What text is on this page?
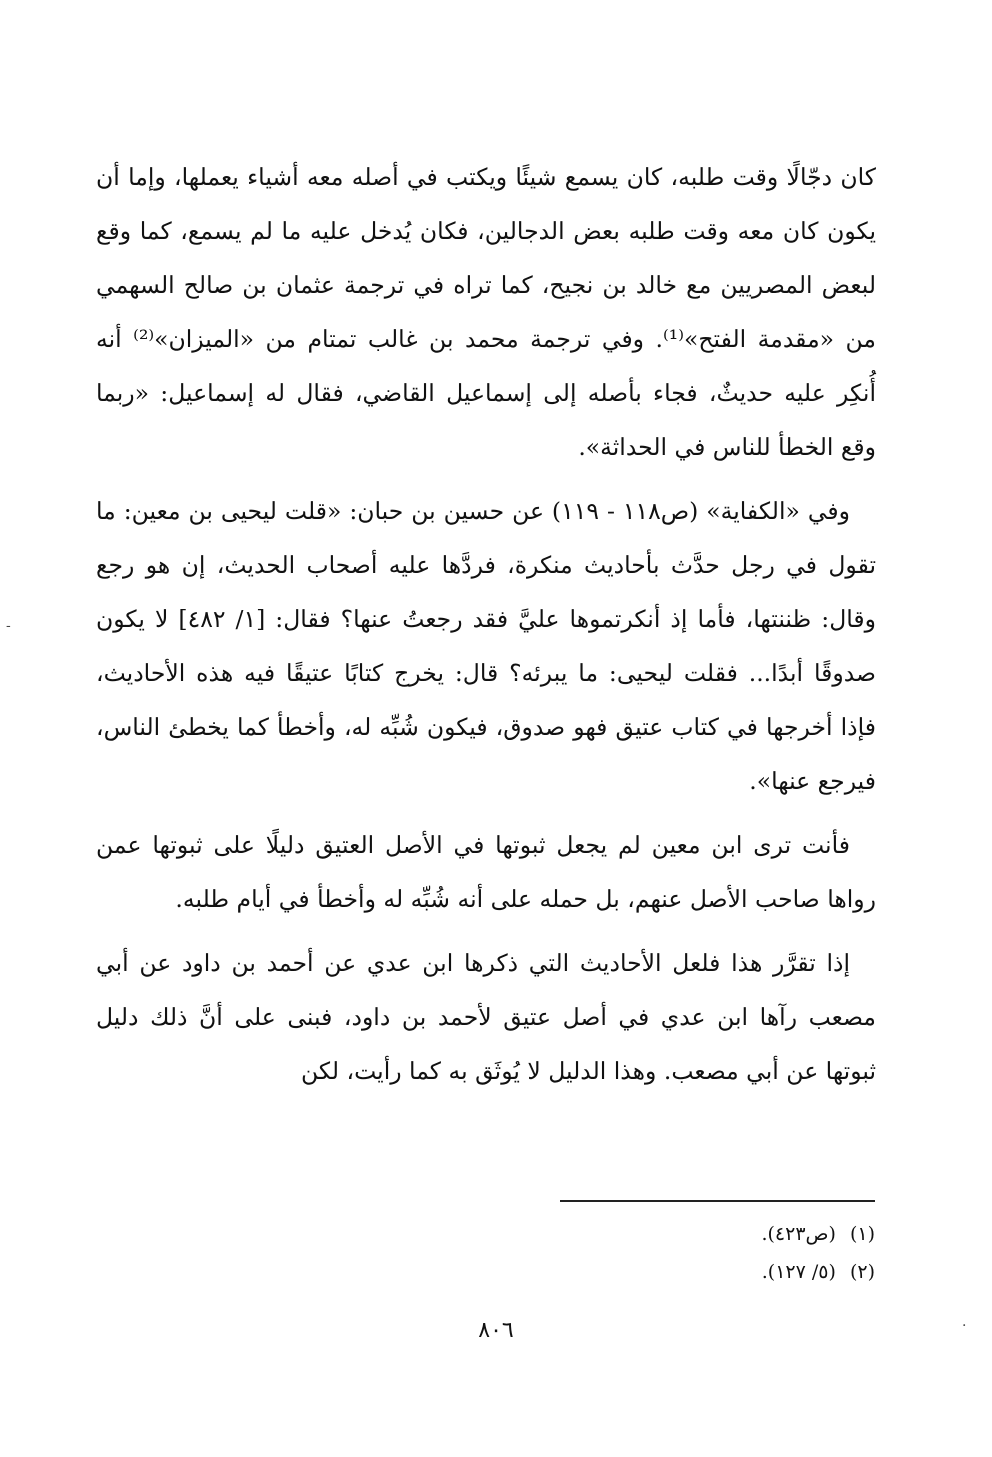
كان دجّالًا وقت طلبه، كان يسمع شيئًا ويكتب في أصله معه أشياء يعملها، وإما أن يكون كان معه وقت طلبه بعض الدجالين، فكان يُدخل عليه ما لم يسمع، كما وقع لبعض المصريين مع خالد بن نجيح، كما تراه في ترجمة عثمان بن صالح السهمي من «مقدمة الفتح»⁽¹⁾. وفي ترجمة محمد بن غالب تمتام من «الميزان»⁽²⁾ أنه أُنكِر عليه حديثٌ، فجاء بأصله إلى إسماعيل القاضي، فقال له إسماعيل: «ربما وقع الخطأ للناس في الحداثة».

وفي «الكفاية» (ص١١٨ - ١١٩) عن حسين بن حبان: «قلت ليحيى بن معين: ما تقول في رجل حدَّث بأحاديث منكرة، فردَّها عليه أصحاب الحديث، إن هو رجع وقال: ظننتها، فأما إذ أنكرتموها عليَّ فقد رجعتُ عنها؟ فقال: [١/ ٤٨٢] لا يكون صدوقًا أبدًا... فقلت ليحيى: ما يبرئه؟ قال: يخرج كتابًا عتيقًا فيه هذه الأحاديث، فإذا أخرجها في كتاب عتيق فهو صدوق، فيكون شُبِّه له، وأخطأ كما يخطئ الناس، فيرجع عنها».

فأنت ترى ابن معين لم يجعل ثبوتها في الأصل العتيق دليلًا على ثبوتها عمن رواها صاحب الأصل عنهم، بل حمله على أنه شُبِّه له وأخطأ في أيام طلبه.

إذا تقرَّر هذا فلعل الأحاديث التي ذكرها ابن عدي عن أحمد بن داود عن أبي مصعب رآها ابن عدي في أصل عتيق لأحمد بن داود، فبنى على أنَّ ذلك دليل ثبوتها عن أبي مصعب. وهذا الدليل لا يُوثَق به كما رأيت، لكن

(١)(ص٤٢٣).
(٢)(٥/ ١٢٧).
٨٠٦
-
·
